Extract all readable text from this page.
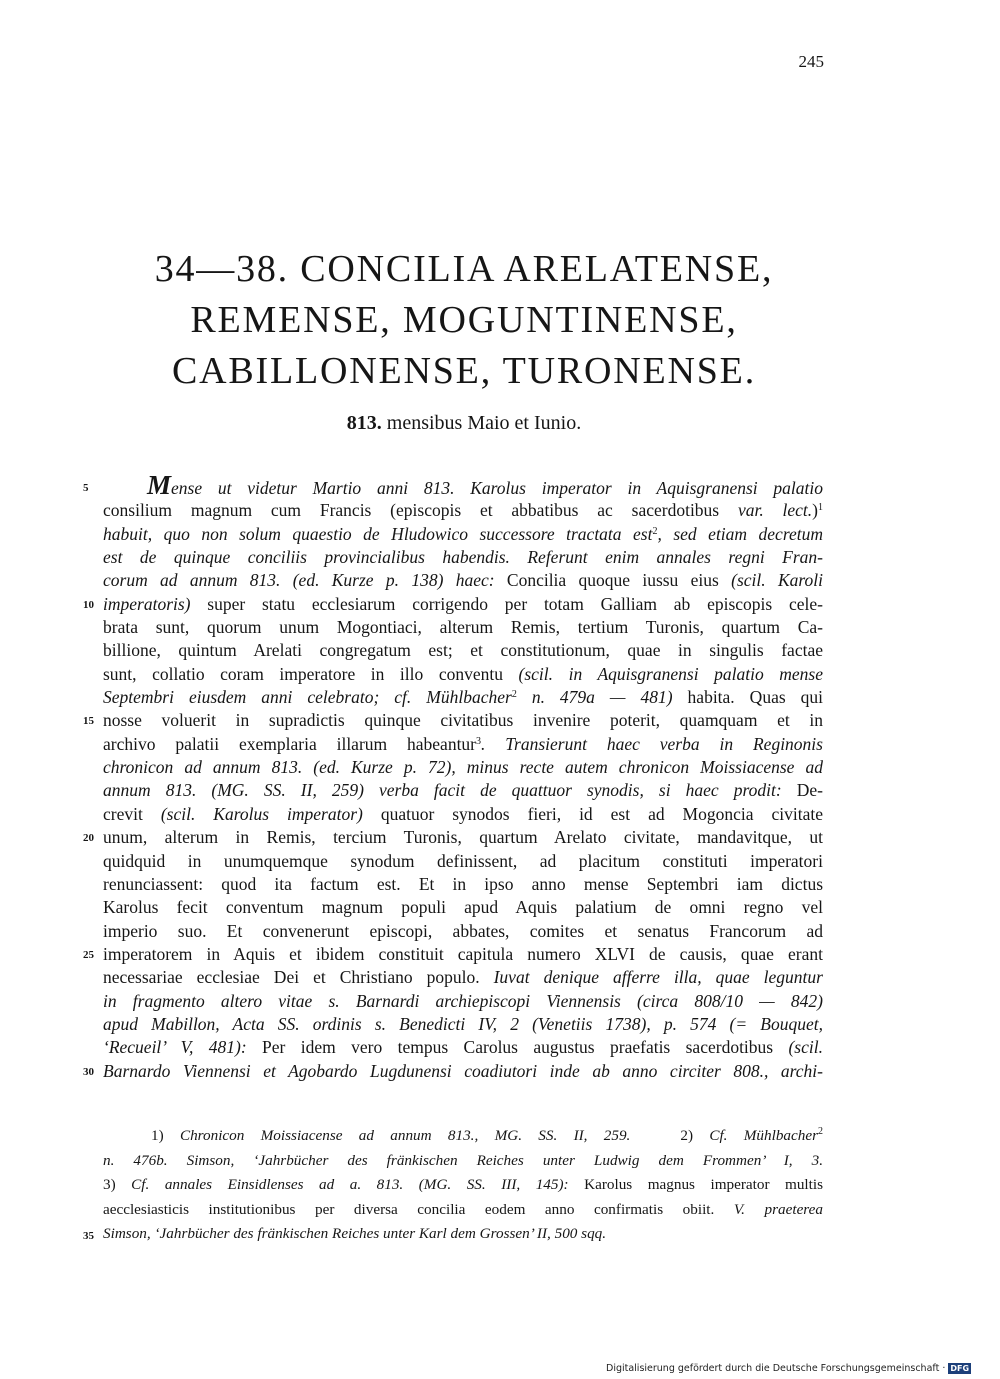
245
34—38. CONCILIA ARELATENSE,
REMENSE, MOGUNTINENSE,
CABILLONENSE, TURONENSE.
813. mensibus Maio et Iunio.
5	Mense ut videtur Martio anni 813. Karolus imperator in Aquisgranensi palatio
consilium magnum cum Francis (episcopis et abbatibus ac sacerdotibus var. lect.)$^1$
habuit, quo non solum quaestio de Hludowico successore tractata est$^2$, sed etiam decretum
est de quinque conciliis provincialibus habendis. Referunt enim annales regni Fran-
corum ad annum 813. (ed. Kurze p. 138) haec: Concilia quoque iussu eius (scil. Karoli
10 imperatoris) super statu ecclesiarum corrigendo per totam Galliam ab episcopis cele-
brata sunt, quorum unum Mogontiaci, alterum Remis, tertium Turonis, quartum Ca-
billione, quintum Arelati congregatum est; et constitutionum, quae in singulis factae
sunt, collatio coram imperatore in illo conventu (scil. in Aquisgranensi palatio mense
Septembri eiusdem anni celebrato; cf. Mühlbacher$^2$ n. 479a — 481) habita. Quas qui
15 nosse voluerit in supradictis quinque civitatibus invenire poterit, quamquam et in
archivo palatii exemplaria illarum habeantur$^3$. Transierunt haec verba in Reginonis
chronicon ad annum 813. (ed. Kurze p. 72), minus recte autem chronicon Moissiacense ad
annum 813. (MG. SS. II, 259) verba facit de quattuor synodis, si haec prodit: De-
crevit (scil. Karolus imperator) quatuor synodos fieri, id est ad Mogoncia civitate
20 unum, alterum in Remis, tercium Turonis, quartum Arelato civitate, mandavitque, ut
quidquid in unumquemque synodum definissent, ad placitum constituti imperatori
renunciassent: quod ita factum est. Et in ipso anno mense Septembri iam dictus
Karolus fecit conventum magnum populi apud Aquis palatium de omni regno vel
imperio suo. Et convenerunt episcopi, abbates, comites et senatus Francorum ad
25 imperatorem in Aquis et ibidem constituit capitula numero XLVI de causis, quae erant
necessariae ecclesiae Dei et Christiano populo. Iuvat denique afferre illa, quae leguntur
in fragmento altero vitae s. Barnardi archiepiscopi Viennensis (circa 808/10 — 842)
apud Mabillon, Acta SS. ordinis s. Benedicti IV, 2 (Venetiis 1738), p. 574 (= Bouquet,
‘Recueil’ V, 481): Per idem vero tempus Carolus augustus praefatis sacerdotibus (scil.
30 Barnardo Viennensi et Agobardo Lugdunensi coadiutori inde ab anno circiter 808., archi-
1) Chronicon Moissiacense ad annum 813., MG. SS. II, 259.	2) Cf. Mühlbacher$^2$
n. 476b. Simson, ‘Jahrbücher des fränkischen Reiches unter Ludwig dem Frommen’ I, 3.
3) Cf. annales Einsidlenses ad a. 813. (MG. SS. III, 145): Karolus magnus imperator multis
aecclesiasticis institutionibus per diversa concilia eodem anno confirmatis obiit. V. praeterea
35 Simson, ‘Jahrbücher des fränkischen Reiches unter Karl dem Grossen’ II, 500 sqq.
Digitalisierung gefördert durch die Deutsche Forschungsgemeinschaft · DFG
